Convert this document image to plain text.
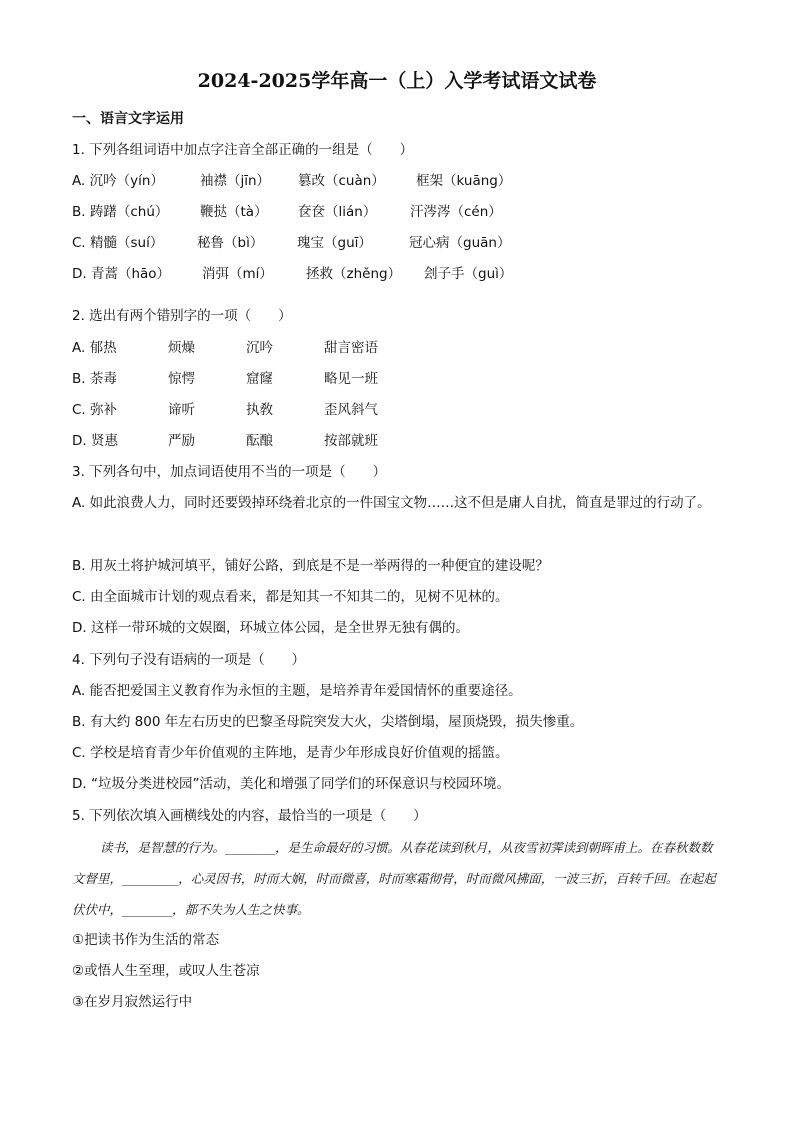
2024-2025学年高一（上）入学考试语文试卷
一、语言文字运用
1. 下列各组词语中加点字注音全部正确的一组是（　　）
A. 沉吟（yín）	袖襟（jīn） 篡改（cuàn） 框架（kuāng）
B. 踌躇（chú） 鞭挞（tà） 奁奁（lián） 汗涔涔（cén）
C. 精髓（suí） 秘鲁（bì） 瑰宝（guī）	冠心病（guān）
D. 青蒿（hāo） 消弭（mí） 拯救（zhěng） 刽子手（guì）
2. 选出有两个错别字的一项（　　）
A. 郁热	烦燥	沉吟	甜言密语
B. 荼毒	惊愕	窟窿	略见一班
C. 弥补	谛听	执敎	歪风斜气
D. 贤惠	严励	酝酿	按部就班
3. 下列各句中，加点词语使用不当的一项是（　　）
A. 如此浪费人力，同时还要毁掉环绕着北京的一件国宝文物……这不但是庸人自扰，简直是罪过的行动了。
B. 用灰土将护城河填平，铺好公路，到底是不是一举两得的一种便宜的建设呢？
C. 由全面城市计划的观点看来，都是知其一不知其二的，见树不见林的。
D. 这样一带环城的文娱圈，环城立体公园，是全世界无独有偶的。
4. 下列句子没有语病的一项是（　　）
A. 能否把爱国主义教育作为永恒的主题，是培养青年爱国情怀的重要途径。
B. 有大约 800 年左右历史的巴黎圣母院突发大火，尖塔倒塌，屋顶烧毁，损失惨重。
C. 学校是培育青少年价值观的主阵地，是青少年形成良好价值观的摇篮。
D. “垃圾分类进校园”活动，美化和增强了同学们的环保意识与校园环境。
5. 下列依次填入画横线处的内容，最恰当的一项是（　　）
读书，是智慧的行为。________，是生命最好的习惯。从春花读到秋月，从夜雪初霁读到朝晖甫上。在春秋数数文督里，_________，心灵因书，时而大娴，时而微喜，时而寒霜彻骨，时而微风拂面，一波三折，百转千回。在起起伏伏中，________，都不失为人生之快事。
①把读书作为生活的常态
②或悟人生至理，或叹人生苍凉
③在岁月寂然运行中
